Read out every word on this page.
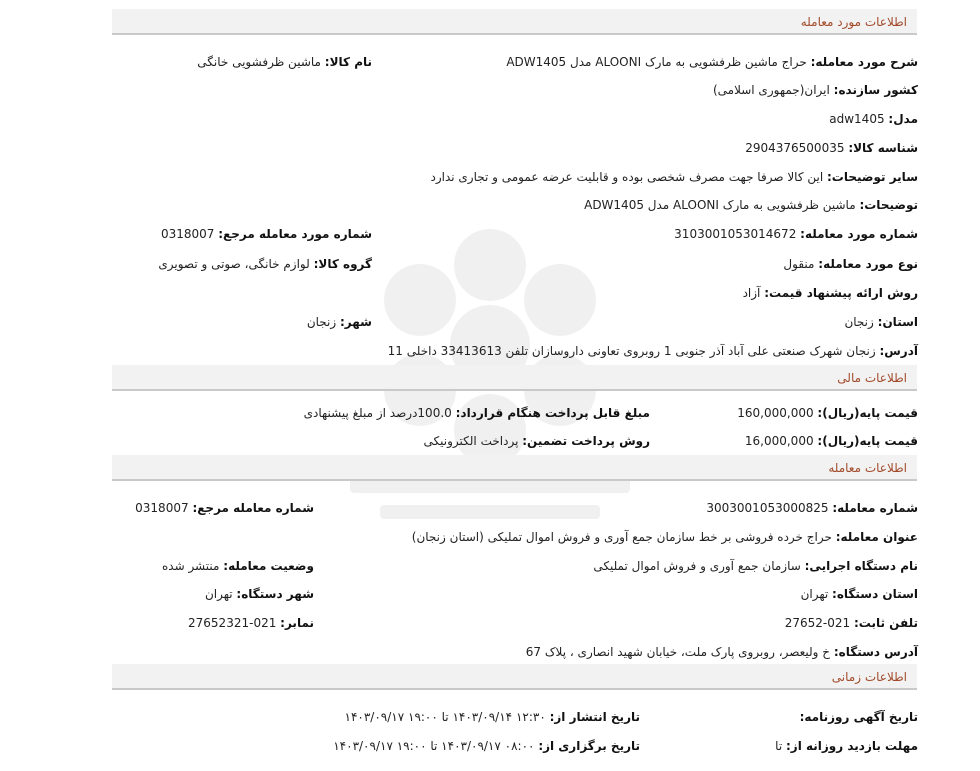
اطلاعات مورد معامله
شرح مورد معامله: حراج ماشین ظرفشویی به مارک ALOONI مدل ADW1405
نام کالا: ماشین ظرفشویی خانگی
کشور سازنده: ایران(جمهوری اسلامی)
مدل: adw1405
شناسه کالا: 2904376500035
سایر توضیحات: این کالا صرفا جهت مصرف شخصی بوده و قابلیت عرضه عمومی و تجاری ندارد
توضیحات: ماشین ظرفشویی به مارک ALOONI مدل ADW1405
شماره مورد معامله: 3103001053014672
شماره مورد معامله مرجع: 0318007
نوع مورد معامله: منقول
گروه کالا: لوازم خانگی، صوتی و تصویری
روش ارائه پیشنهاد قیمت: آزاد
استان: زنجان
شهر: زنجان
آدرس: زنجان شهرک صنعتی علی آباد آذر جنوبی 1 روبروی تعاونی داروسازان تلفن 33413613 داخلی 11
اطلاعات مالی
قیمت پایه(ریال): 160,000,000
مبلغ قابل پرداخت هنگام قرارداد: 100.0درصد از مبلغ پیشنهادی
قیمت پایه(ریال): 16,000,000
روش پرداخت تضمین: پرداخت الکترونیکی
اطلاعات معامله
شماره معامله: 3003001053000825
شماره معامله مرجع: 0318007
عنوان معامله: حراج خرده فروشی بر خط سازمان جمع آوری و فروش اموال تملیکی (استان زنجان)
نام دستگاه اجرایی: سازمان جمع آوری و فروش اموال تملیکی
وضعیت معامله: منتشر شده
استان دستگاه: تهران
شهر دستگاه: تهران
تلفن ثابت: 021-27652
نمابر: 021-27652321
آدرس دستگاه: خ ولیعصر، روبروی پارک ملت، خیابان شهید انصاری ، پلاک 67
اطلاعات زمانی
تاریخ آگهی روزنامه:
تاریخ انتشار از: ۱۲:۳۰ ۱۴۰۳/۰۹/۱۴ تا ۱۹:۰۰ ۱۴۰۳/۰۹/۱۷
مهلت بازدید روزانه از: تا
تاریخ برگزاری از: ۰۸:۰۰ ۱۴۰۳/۰۹/۱۷ تا ۱۹:۰۰ ۱۴۰۳/۰۹/۱۷
